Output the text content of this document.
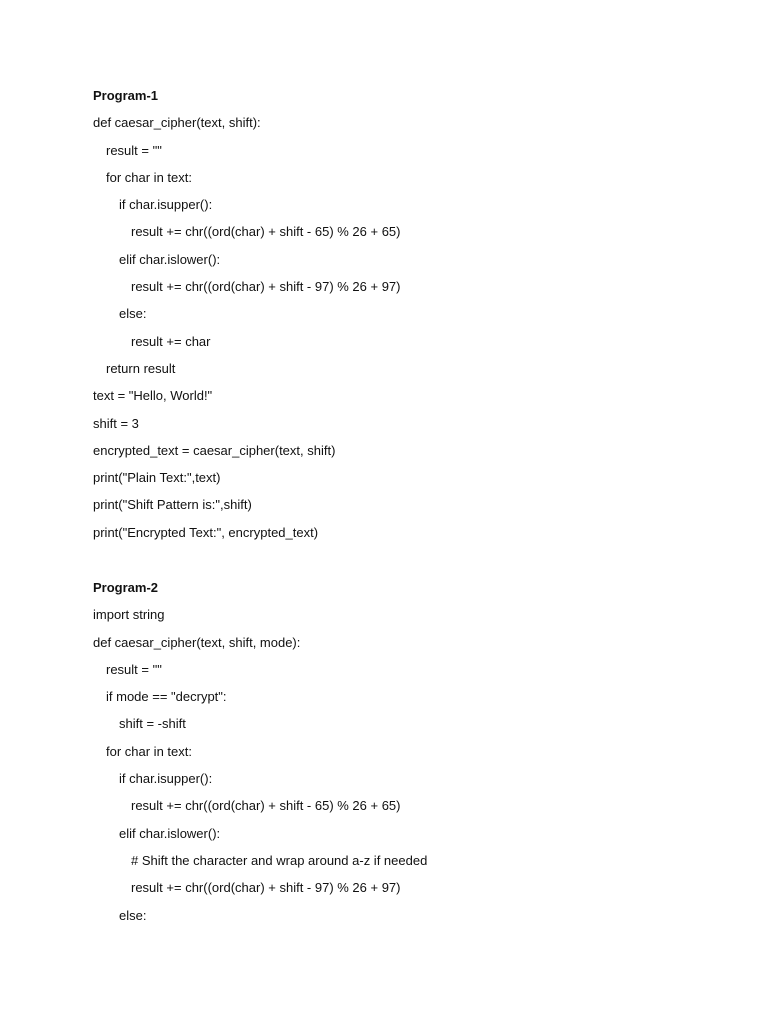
Program-1
def caesar_cipher(text, shift):
result = ""
for char in text:
if char.isupper():
result += chr((ord(char) + shift - 65) % 26 + 65)
elif char.islower():
result += chr((ord(char) + shift - 97) % 26 + 97)
else:
result += char
return result
text = "Hello, World!"
shift = 3
encrypted_text = caesar_cipher(text, shift)
print("Plain Text:",text)
print("Shift Pattern is:",shift)
print("Encrypted Text:", encrypted_text)
Program-2
import string
def caesar_cipher(text, shift, mode):
result = ""
if mode == "decrypt":
shift = -shift
for char in text:
if char.isupper():
result += chr((ord(char) + shift - 65) % 26 + 65)
elif char.islower():
# Shift the character and wrap around a-z if needed
result += chr((ord(char) + shift - 97) % 26 + 97)
else:
